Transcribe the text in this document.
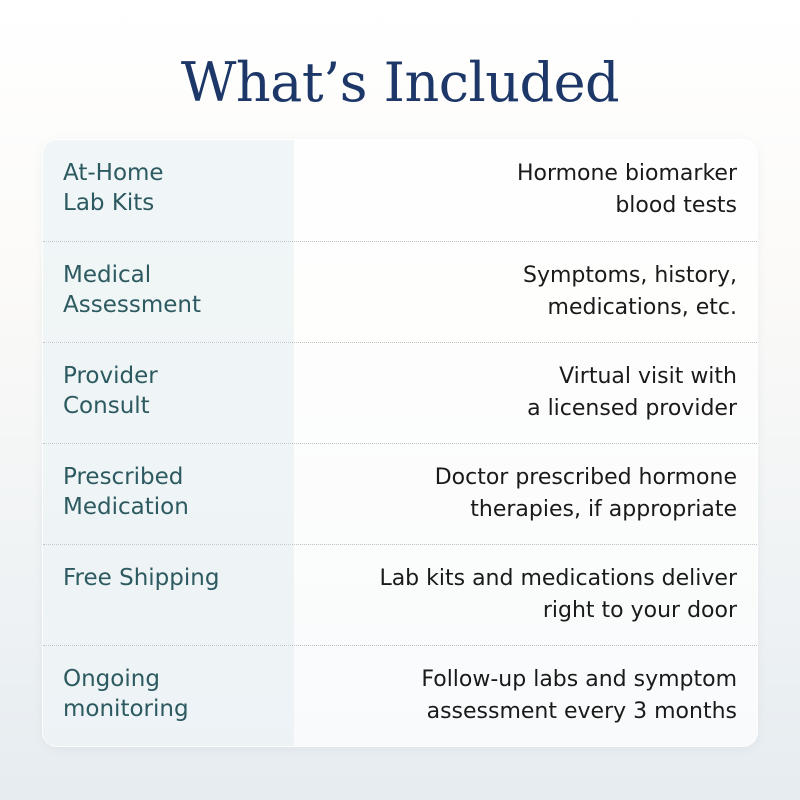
What’s Included

At-Home
Lab Kits

Hormone biomarker
blood tests

Medical
Assessment

Symptoms, history,
medications, etc.

Provider
Consult

Virtual visit with
a licensed provider

Prescribed
Medication

Doctor prescribed hormone
therapies, if appropriate

Free Shipping	Lab kits and medications deliver
right to your door

Ongoing
monitoring

Follow-up labs and symptom
assessment every 3 months
